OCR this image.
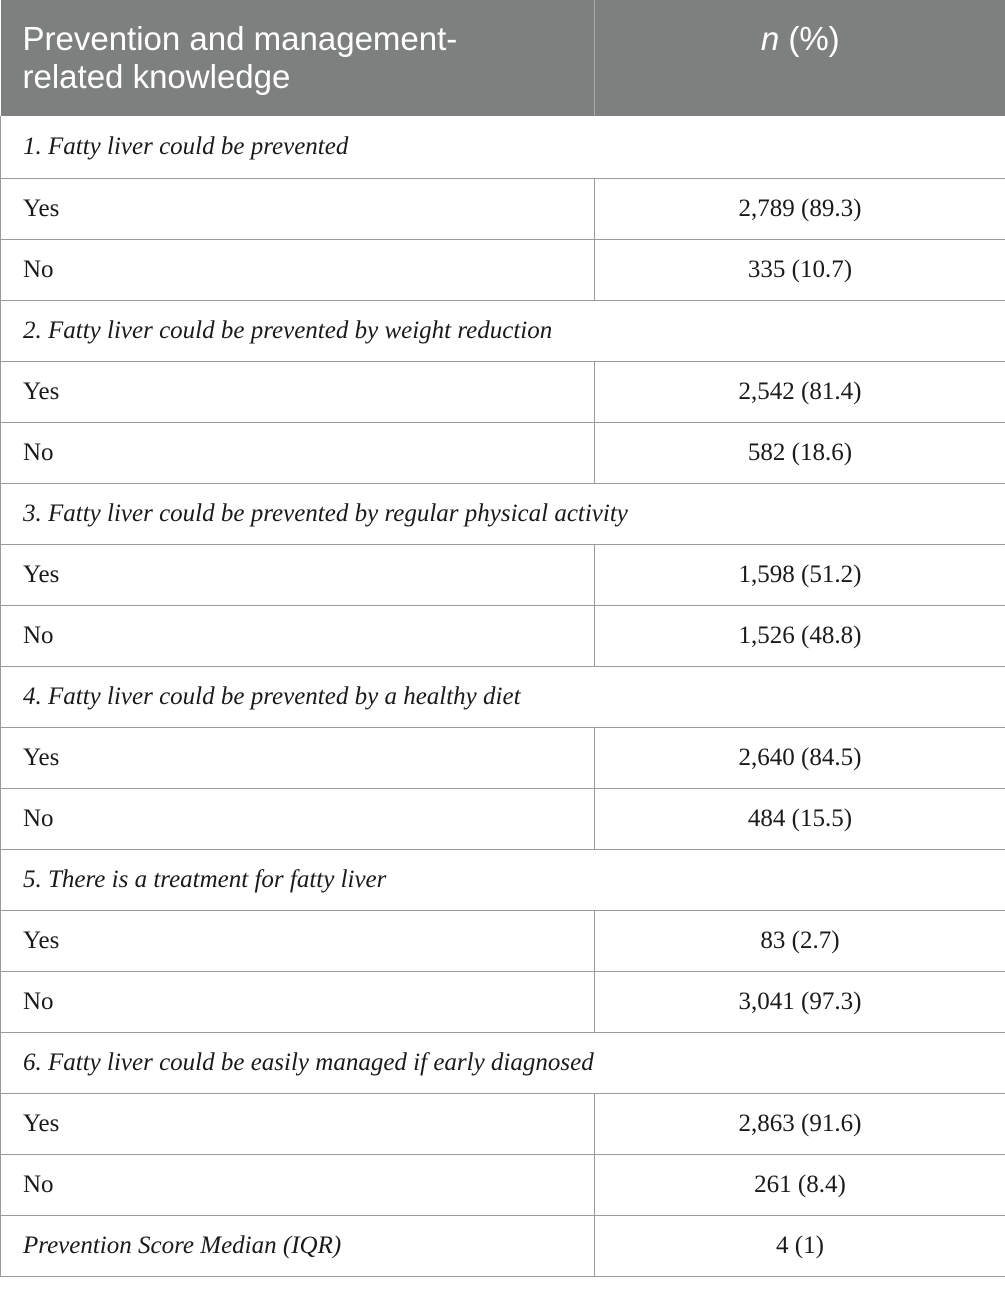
Prevention and management-
related knowledge	n (%)
1. Fatty liver could be prevented	
Yes	2,789 (89.3)
No	335 (10.7)
2. Fatty liver could be prevented by weight reduction	
Yes	2,542 (81.4)
No	582 (18.6)
3. Fatty liver could be prevented by regular physical activity	
Yes	1,598 (51.2)
No	1,526 (48.8)
4. Fatty liver could be prevented by a healthy diet	
Yes	2,640 (84.5)
No	484 (15.5)
5. There is a treatment for fatty liver	
Yes	83 (2.7)
No	3,041 (97.3)
6. Fatty liver could be easily managed if early diagnosed	
Yes	2,863 (91.6)
No	261 (8.4)
Prevention Score Median (IQR)	4 (1)
